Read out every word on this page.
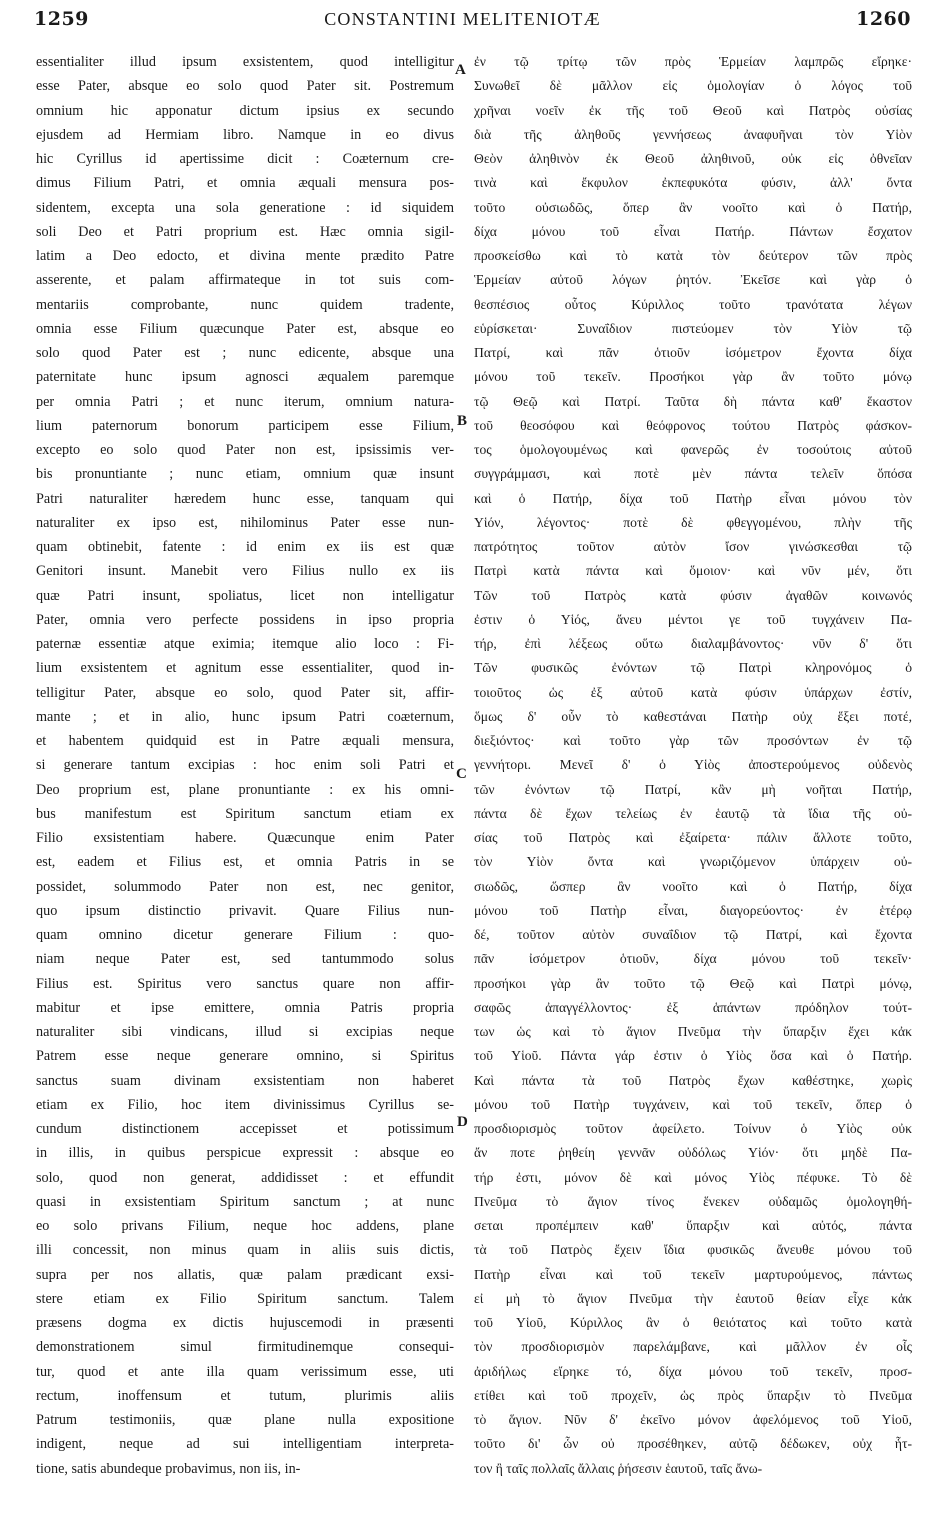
1259	CONSTANTINI MELITENIOTÆ	1260
essentialiter illud ipsum exsistentem, quod intelligitur
esse Pater, absque eo solo quod Pater sit. Postremum
omnium hic apponatur dictum ipsius ex secundo
ejusdem ad Hermiam libro. Namque in eo divus
hic Cyrillus id apertissime dicit : Coæternum cre-
dimus Filium Patri, et omnia æquali mensura pos-
sidentem, excepta una sola generatione : id siquidem
soli Deo et Patri proprium est. Hæc omnia sigil-
latim a Deo edocto, et divina mente prædito Patre
asserente, et palam affirmateque in tot suis com-
mentariis comprobante, nunc quidem tradente,
omnia esse Filium quæcunque Pater est, absque eo
solo quod Pater est ; nunc edicente, absque una
paternitate hunc ipsum agnosci æqualem paremque
per omnia Patri ; et nunc iterum, omnium natura-
lium paternorum bonorum participem esse Filium,
excepto eo solo quod Pater non est, ipsissimis ver-
bis pronuntiante ; nunc etiam, omnium quæ insunt
Patri naturaliter hæredem hunc esse, tanquam qui
naturaliter ex ipso est, nihilominus Pater esse nun-
quam obtinebit, fatente : id enim ex iis est quæ
Genitori insunt. Manebit vero Filius nullo ex iis
quæ Patri insunt, spoliatus, licet non intelligatur
Pater, omnia vero perfecte possidens in ipso propria
paternæ essentiæ atque eximia; itemque alio loco : Fi-
lium exsistentem et agnitum esse essentialiter, quod in-
telligitur Pater, absque eo solo, quod Pater sit, affir-
mante ; et in alio, hunc ipsum Patri coæternum,
et habentem quidquid est in Patre æquali mensura,
si generare tantum excipias : hoc enim soli Patri et
Deo proprium est, plane pronuntiante : ex his omni-
bus manifestum est Spiritum sanctum etiam ex
Filio exsistentiam habere. Quæcunque enim Pater
est, eadem et Filius est, et omnia Patris in se
possidet, solummodo Pater non est, nec genitor,
quo ipsum distinctio privavit. Quare Filius nun-
quam omnino dicetur generare Filium : quo-
niam neque Pater est, sed tantummodo solus
Filius est. Spiritus vero sanctus quare non affir-
mabitur et ipse emittere, omnia Patris propria
naturaliter sibi vindicans, illud si excipias neque
Patrem esse neque generare omnino, si Spiritus
sanctus suam divinam exsistentiam non haberet
etiam ex Filio, hoc item divinissimus Cyrillus se-
cundum distinctionem accepisset et potissimum
in illis, in quibus perspicue expressit : absque eo
solo, quod non generat, addidisset : et effundit
quasi in exsistentiam Spiritum sanctum ; at nunc
eo solo privans Filium, neque hoc addens, plane
illi concessit, non minus quam in aliis suis dictis,
supra per nos allatis, quæ palam prædicant exsi-
stere etiam ex Filio Spiritum sanctum. Talem
præsens dogma ex dictis hujuscemodi in præsenti
demonstrationem simul firmitudinemque consequi-
tur, quod et ante illa quam verissimum esse, uti
rectum, inoffensum et tutum, plurimis aliis
Patrum testimoniis, quæ plane nulla expositione
indigent, neque ad sui intelligentiam interpreta-
tione, satis abundeque probavimus, non iis, in-
A
B
C
D
ἐν τῷ τρίτῳ τῶν πρὸς Ἑρμείαν λαμπρῶς εἴρηκε·
Συνωθεῖ δὲ μᾶλλον εἰς ὁμολογίαν ὁ λόγος τοῦ
χρῆναι νοεῖν ἐκ τῆς τοῦ Θεοῦ καὶ Πατρὸς οὐσίας
διὰ τῆς ἀληθοῦς γεννήσεως ἀναφυῆναι τὸν Υἱὸν
Θεὸν ἀληθινὸν ἐκ Θεοῦ ἀληθινοῦ, οὐκ εἰς ὀθνεῖαν
τινὰ καὶ ἔκφυλον ἐκπεφυκότα φύσιν, ἀλλ' ὄντα
τοῦτο οὐσιωδῶς, ὅπερ ἂν νοοῖτο καὶ ὁ Πατήρ,
δίχα μόνου τοῦ εἶναι Πατήρ. Πάντων ἔσχατον
προσκείσθω καὶ τὸ κατὰ τὸν δεύτερον τῶν πρὸς
Ἑρμείαν αὐτοῦ λόγων ῥητόν. Ἐκεῖσε καὶ γὰρ ὁ
θεσπέσιος οὗτος Κύριλλος τοῦτο τρανότατα λέγων
εὑρίσκεται· Συναΐδιον πιστεύομεν τὸν Υἱὸν τῷ
Πατρί, καὶ πᾶν ὁτιοῦν ἰσόμετρον ἔχοντα δίχα
μόνου τοῦ τεκεῖν. Προσήκοι γὰρ ἂν τοῦτο μόνῳ
τῷ Θεῷ καὶ Πατρί. Ταῦτα δὴ πάντα καθ' ἕκαστον
τοῦ θεοσόφου καὶ θεόφρονος τούτου Πατρὸς φάσκον-
τος ὁμολογουμένως καὶ φανερῶς ἐν τοσούτοις αὐτοῦ
συγγράμμασι, καὶ ποτὲ μὲν πάντα τελεῖν ὅπόσα
καὶ ὁ Πατήρ, δίχα τοῦ Πατὴρ εἶναι μόνου τὸν
Υἱόν, λέγοντος· ποτὲ δὲ φθεγγομένου, πλὴν τῆς
πατρότητος τοῦτον αὐτὸν ἴσον γινώσκεσθαι τῷ
Πατρὶ κατὰ πάντα καὶ ὅμοιον· καὶ νῦν μέν, ὅτι
Τῶν τοῦ Πατρὸς κατὰ φύσιν ἀγαθῶν κοινωνός
ἐστιν ὁ Υἱός, ἄνευ μέντοι γε τοῦ τυγχάνειν Πα-
τήρ, ἐπὶ λέξεως οὕτω διαλαμβάνοντος· νῦν δ' ὅτι
Τῶν φυσικῶς ἐνόντων τῷ Πατρὶ κληρονόμος ὁ
τοιοῦτος ὡς ἐξ αὐτοῦ κατὰ φύσιν ὑπάρχων ἐστίν,
ὅμως δ' οὖν τὸ καθεστάναι Πατὴρ οὐχ ἕξει ποτέ,
διεξιόντος· καὶ τοῦτο γὰρ τῶν προσόντων ἐν τῷ
γεννήτορι. Μενεῖ δ' ὁ Υἱὸς ἀποστερούμενος οὐδενὸς
τῶν ἐνόντων τῷ Πατρί, κἂν μὴ νοῆται Πατήρ,
πάντα δὲ ἔχων τελείως ἐν ἑαυτῷ τὰ ἴδια τῆς οὐ-
σίας τοῦ Πατρὸς καὶ ἐξαίρετα· πάλιν ἄλλοτε τοῦτο,
τὸν Υἱὸν ὄντα καὶ γνωριζόμενον ὑπάρχειν οὐ-
σιωδῶς, ὥσπερ ἂν νοοῖτο καὶ ὁ Πατήρ, δίχα
μόνου τοῦ Πατὴρ εἶναι, διαγορεύοντος· ἐν ἑτέρῳ
δέ, τοῦτον αὐτὸν συναΐδιον τῷ Πατρί, καὶ ἔχοντα
πᾶν ἰσόμετρον ὁτιοῦν, δίχα μόνου τοῦ τεκεῖν·
προσήκοι γὰρ ἂν τοῦτο τῷ Θεῷ καὶ Πατρὶ μόνῳ,
σαφῶς ἀπαγγέλλοντος· ἐξ ἁπάντων πρόδηλον τούτ-
των ὡς καὶ τὸ ἅγιον Πνεῦμα τὴν ὕπαρξιν ἔχει κἀκ
τοῦ Υἱοῦ. Πάντα γάρ ἐστιν ὁ Υἱὸς ὅσα καὶ ὁ Πατήρ.
Καὶ πάντα τὰ τοῦ Πατρὸς ἔχων καθέστηκε, χωρὶς
μόνου τοῦ Πατὴρ τυγχάνειν, καὶ τοῦ τεκεῖν, ὅπερ ὁ
προσδιορισμὸς τοῦτον ἀφείλετο. Τοίνυν ὁ Υἱὸς οὐκ
ἄν ποτε ῥηθείη γεννᾶν οὐδόλως Υἱόν· ὅτι μηδὲ Πα-
τήρ ἐστι, μόνον δὲ καὶ μόνος Υἱὸς πέφυκε. Τὸ δὲ
Πνεῦμα τὸ ἅγιον τίνος ἕνεκεν οὐδαμῶς ὁμολογηθή-
σεται προπέμπειν καθ' ὕπαρξιν καὶ αὐτός, πάντα
τὰ τοῦ Πατρὸς ἔχειν ἴδια φυσικῶς ἄνευθε μόνου τοῦ
Πατὴρ εἶναι καὶ τοῦ τεκεῖν μαρτυρούμενος, πάντως
εἰ μὴ τὸ ἅγιον Πνεῦμα τὴν ἑαυτοῦ θείαν εἶχε κἀκ
τοῦ Υἱοῦ, Κύριλλος ἂν ὁ θειότατος καὶ τοῦτο κατὰ
τὸν προσδιορισμὸν παρελάμβανε, καὶ μᾶλλον ἐν οἷς
ἀριδήλως εἴρηκε τό, δίχα μόνου τοῦ τεκεῖν, προσ-
ετίθει καὶ τοῦ προχεῖν, ὡς πρὸς ὕπαρξιν τὸ Πνεῦμα
τὸ ἅγιον. Νῦν δ' ἐκεῖνο μόνον ἀφελόμενος τοῦ Υἱοῦ,
τοῦτο δι' ὧν οὐ προσέθηκεν, αὐτῷ δέδωκεν, οὐχ ἧτ-
τον ἢ ταῖς πολλαῖς ἄλλαις ῥήσεσιν ἑαυτοῦ, ταῖς ἄνω-
